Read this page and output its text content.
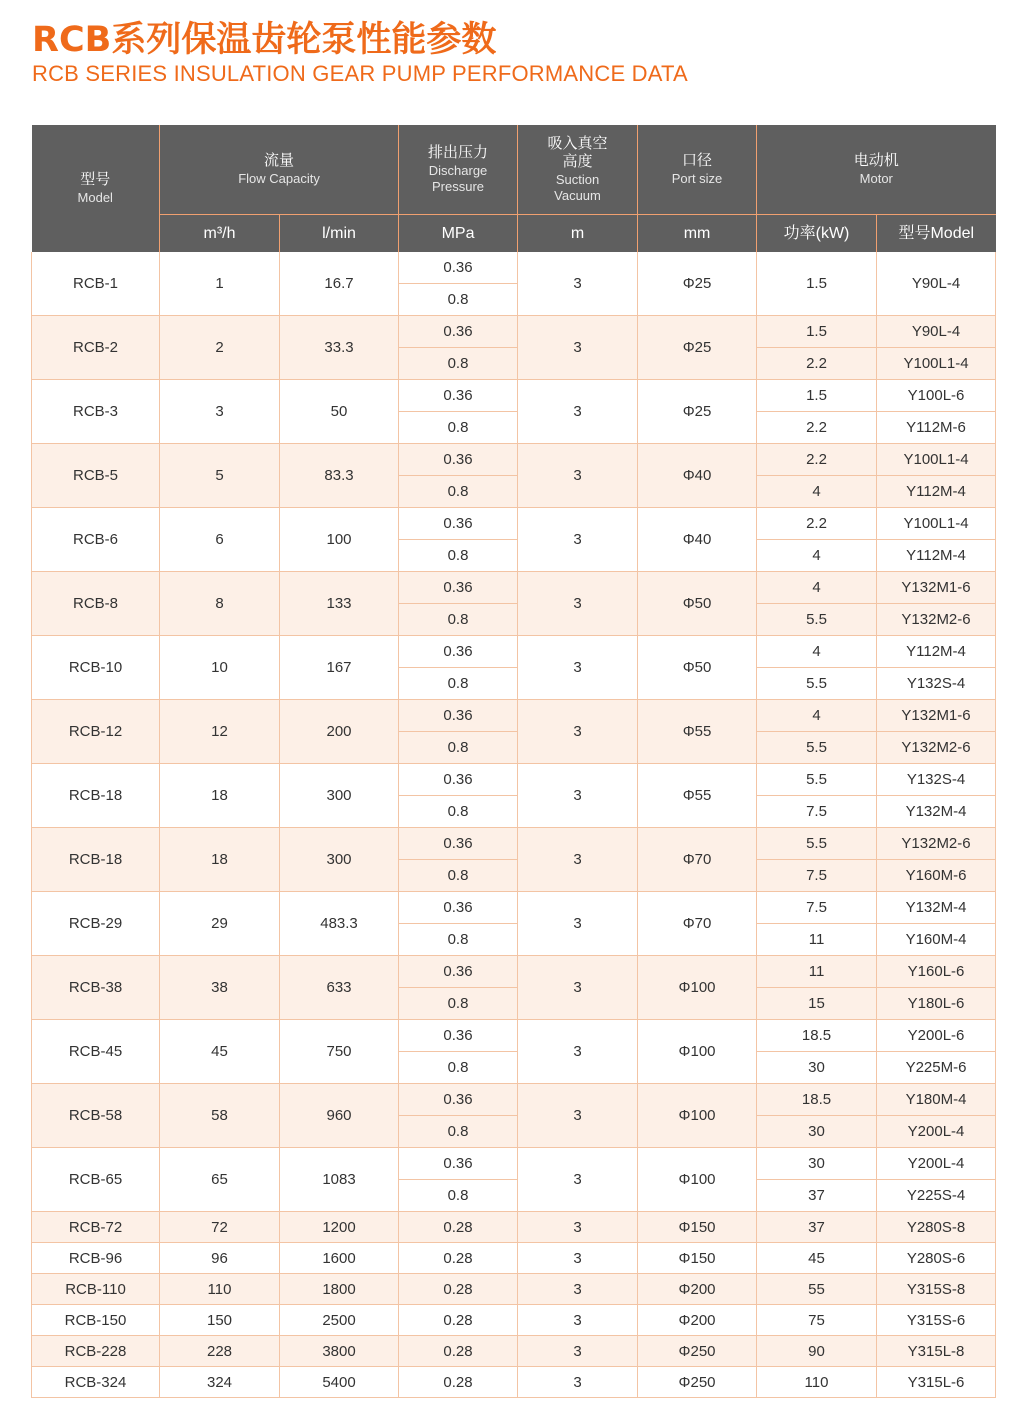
RCB系列保温齿轮泵性能参数
RCB SERIES INSULATION GEAR PUMP PERFORMANCE DATA
型号
Model	流量
Flow Capacity		排出压力
Discharge
Pressure	吸入真空
高度
Suction
Vacuum	口径
Port size	电动机
Motor	

	m³/h	l/min	MPa	m	mm	功率(kW)	型号Model
RCB-1	1	16.7	0.36	3	Φ25	1.5	Y90L-4
			0.8				
RCB-2	2	33.3	0.36	3	Φ25	1.5	Y90L-4
			0.8			2.2	Y100L1-4
RCB-3	3	50	0.36	3	Φ25	1.5	Y100L-6
			0.8			2.2	Y112M-6
RCB-5	5	83.3	0.36	3	Φ40	2.2	Y100L1-4
			0.8			4	Y112M-4
RCB-6	6	100	0.36	3	Φ40	2.2	Y100L1-4
			0.8			4	Y112M-4
RCB-8	8	133	0.36	3	Φ50	4	Y132M1-6
			0.8			5.5	Y132M2-6
RCB-10	10	167	0.36	3	Φ50	4	Y112M-4
			0.8			5.5	Y132S-4
RCB-12	12	200	0.36	3	Φ55	4	Y132M1-6
			0.8			5.5	Y132M2-6
RCB-18	18	300	0.36	3	Φ55	5.5	Y132S-4
			0.8			7.5	Y132M-4
RCB-18	18	300	0.36	3	Φ70	5.5	Y132M2-6
			0.8			7.5	Y160M-6
RCB-29	29	483.3	0.36	3	Φ70	7.5	Y132M-4
			0.8			11	Y160M-4
RCB-38	38	633	0.36	3	Φ100	11	Y160L-6
			0.8			15	Y180L-6
RCB-45	45	750	0.36	3	Φ100	18.5	Y200L-6
			0.8			30	Y225M-6
RCB-58	58	960	0.36	3	Φ100	18.5	Y180M-4
			0.8			30	Y200L-4
RCB-65	65	1083	0.36	3	Φ100	30	Y200L-4
			0.8			37	Y225S-4
RCB-72	72	1200	0.28	3	Φ150	37	Y280S-8
RCB-96	96	1600	0.28	3	Φ150	45	Y280S-6
RCB-110	110	1800	0.28	3	Φ200	55	Y315S-8
RCB-150	150	2500	0.28	3	Φ200	75	Y315S-6
RCB-228	228	3800	0.28	3	Φ250	90	Y315L-8
RCB-324	324	5400	0.28	3	Φ250	110	Y315L-6
